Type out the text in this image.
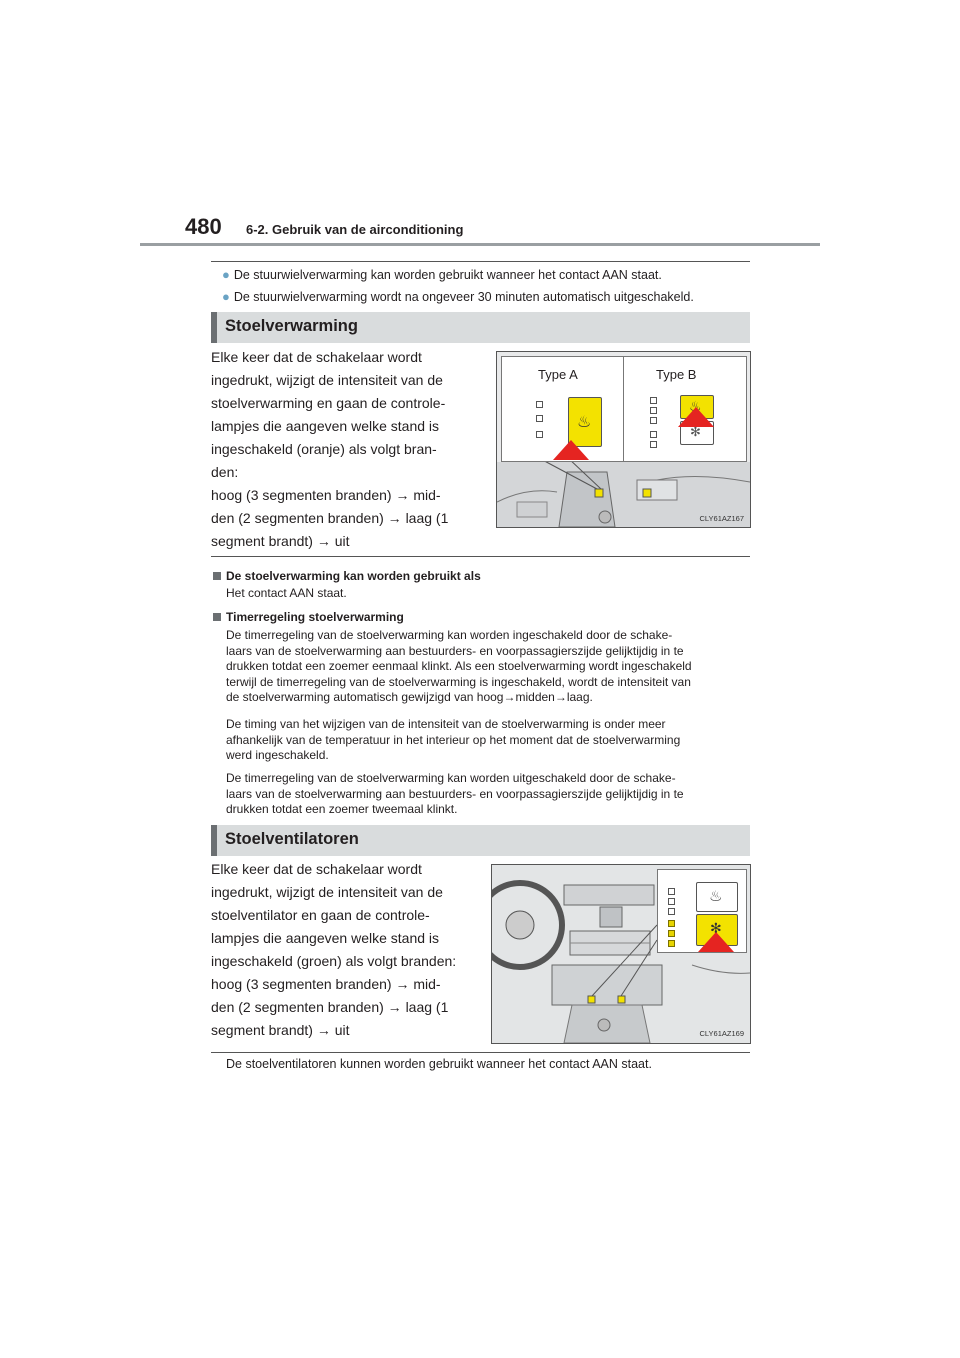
480 6-2. Gebruik van de airconditioning
● De stuurwielverwarming kan worden gebruikt wanneer het contact AAN staat.
● De stuurwielverwarming wordt na ongeveer 30 minuten automatisch uitgeschakeld.
Stoelverwarming
Elke keer dat de schakelaar wordt
ingedrukt, wijzigt de intensiteit van de
stoelverwarming en gaan de controle-
lampjes die aangeven welke stand is
ingeschakeld (oranje) als volgt bran-
den:
hoog (3 segmenten branden) → mid-
den (2 segmenten branden) → laag (1
segment brandt) → uit
Type A	Type B
♨
♨
✻
CLY61AZ167
De stoelverwarming kan worden gebruikt als
Het contact AAN staat.
Timerregeling stoelverwarming
De timerregeling van de stoelverwarming kan worden ingeschakeld door de schake-
laars van de stoelverwarming aan bestuurders- en voorpassagierszijde gelijktijdig in te
drukken totdat een zoemer eenmaal klinkt. Als een stoelverwarming wordt ingeschakeld
terwijl de timerregeling van de stoelverwarming is ingeschakeld, wordt de intensiteit van
de stoelverwarming automatisch gewijzigd van hoog→midden→laag.
De timing van het wijzigen van de intensiteit van de stoelverwarming is onder meer
afhankelijk van de temperatuur in het interieur op het moment dat de stoelverwarming
werd ingeschakeld.
De timerregeling van de stoelverwarming kan worden uitgeschakeld door de schake-
laars van de stoelverwarming aan bestuurders- en voorpassagierszijde gelijktijdig in te
drukken totdat een zoemer tweemaal klinkt.
Stoelventilatoren
Elke keer dat de schakelaar wordt
ingedrukt, wijzigt de intensiteit van de
stoelventilator en gaan de controle-
lampjes die aangeven welke stand is
ingeschakeld (groen) als volgt branden:
hoog (3 segmenten branden) → mid-
den (2 segmenten branden) → laag (1
segment brandt) → uit
♨
✻
CLY61AZ169
De stoelventilatoren kunnen worden gebruikt wanneer het contact AAN staat.
